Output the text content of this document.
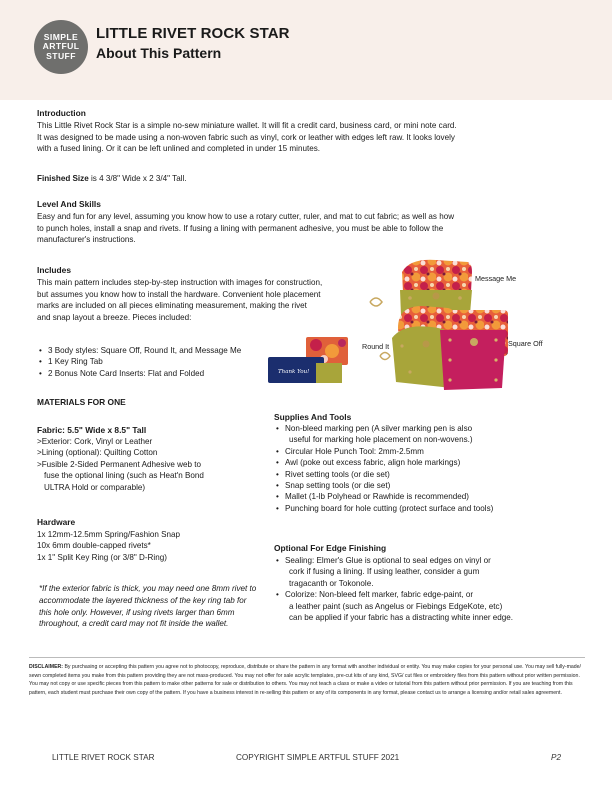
SIMPLE
ARTFUL
STUFF
LITTLE RIVET ROCK STAR
About This Pattern
Introduction
This Little Rivet Rock Star is a simple no-sew miniature wallet. It will fit a credit card, business card, or mini note card.
It was designed to be made using a non-woven fabric such as vinyl, cork or leather with edges left raw. It looks lovely
with a fused lining. Or it can be left unlined and completed in under 15 minutes.
Finished Size is 4 3/8" Wide x 2 3/4" Tall.
Level And Skills
Easy and fun for any level, assuming you know how to use a rotary cutter, ruler, and mat to cut fabric; as well as how
to punch holes, install a snap and rivets. If fusing a lining with permanent adhesive, you must be able to follow the
manufacturer's instructions.
Includes
This main pattern includes step-by-step instruction with images for construction,
but assumes you know how to install the hardware. Convenient hole placement
marks are included on all pieces eliminating measurement, making the rivet
and snap layout a breeze. Pieces included:
• 3 Body styles: Square Off, Round It, and Message Me
• 1 Key Ring Tab
• 2 Bonus Note Card Inserts: Flat and Folded
Message Me
Round It	Square Off
Thank You!
MATERIALS FOR ONE
Fabric: 5.5" Wide x 8.5" Tall
>Exterior: Cork, Vinyl or Leather
>Lining (optional): Quilting Cotton
>Fusible 2-Sided Permanent Adhesive web to
fuse the optional lining (such as Heat'n Bond
ULTRA Hold or comparable)
Hardware
1x 12mm-12.5mm Spring/Fashion Snap
10x 6mm double-capped rivets*
1x 1" Split Key Ring (or 3/8" D-Ring)
*If the exterior fabric is thick, you may need one 8mm rivet to accommodate the layered thickness of the key ring tab for this hole only. However, if using rivets larger than 6mm throughout, a credit card may not fit inside the wallet.
Supplies And Tools
• Non-bleed marking pen (A silver marking pen is also
useful for marking hole placement on non-wovens.)
• Circular Hole Punch Tool: 2mm-2.5mm
• Awl (poke out excess fabric, align hole markings)
• Rivet setting tools (or die set)
• Snap setting tools (or die set)
• Mallet (1-lb Polyhead or Rawhide is recommended)
• Punching board for hole cutting (protect surface and tools)
Optional For Edge Finishing
• Sealing: Elmer's Glue is optional to seal edges on vinyl or
cork if fusing a lining. If using leather, consider a gum
tragacanth or Tokonole.
• Colorize: Non-bleed felt marker, fabric edge-paint, or
a leather paint (such as Angelus or Fiebings EdgeKote, etc)
can be applied if your fabric has a distracting white inner edge.
DISCLAIMER: By purchasing or accepting this pattern you agree not to photocopy, reproduce, distribute or share the pattern in any format with another individual or entity. You may make copies for your personal use. You may sell fully-made/ sewn completed items you make from this pattern providing they are not mass-produced. You may not offer for sale acrylic templates, pre-cut kits of any kind, SVG/ cut files or embroidery files from this pattern without prior written permission. You may not copy or use specific pieces from this pattern to make other patterns for sale or distribution to others. You may not teach a class or make a video or tutorial from this pattern without prior permission. If you are teaching from this pattern, each student must purchase their own copy of the pattern. If you have a business interest in re-selling this pattern or any of its components in any format, please contact us to arrange a licensing and/or retail sales agreement.
LITTLE RIVET ROCK STAR	COPYRIGHT SIMPLE ARTFUL STUFF 2021	P2
